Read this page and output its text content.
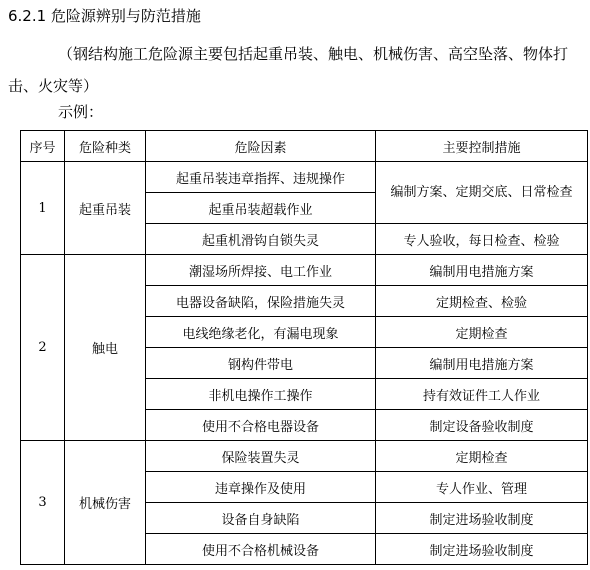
6.2.1 危险源辨别与防范措施
（钢结构施工危险源主要包括起重吊装、触电、机械伤害、高空坠落、物体打击、火灾等）
示例：
序号	危险种类	危险因素	主要控制措施
1	起重吊装	起重吊装违章指挥、违规操作	编制方案、定期交底、日常检查
		起重吊装超载作业	
		起重机滑钩自锁失灵	专人验收，每日检查、检验
2	触电	潮湿场所焊接、电工作业	编制用电措施方案
		电器设备缺陷，保险措施失灵	定期检查、检验
		电线绝缘老化，有漏电现象	定期检查
		钢构件带电	编制用电措施方案
		非机电操作工操作	持有效证件工人作业
		使用不合格电器设备	制定设备验收制度
3	机械伤害	保险装置失灵	定期检查
		违章操作及使用	专人作业、管理
		设备自身缺陷	制定进场验收制度
		使用不合格机械设备	制定进场验收制度
